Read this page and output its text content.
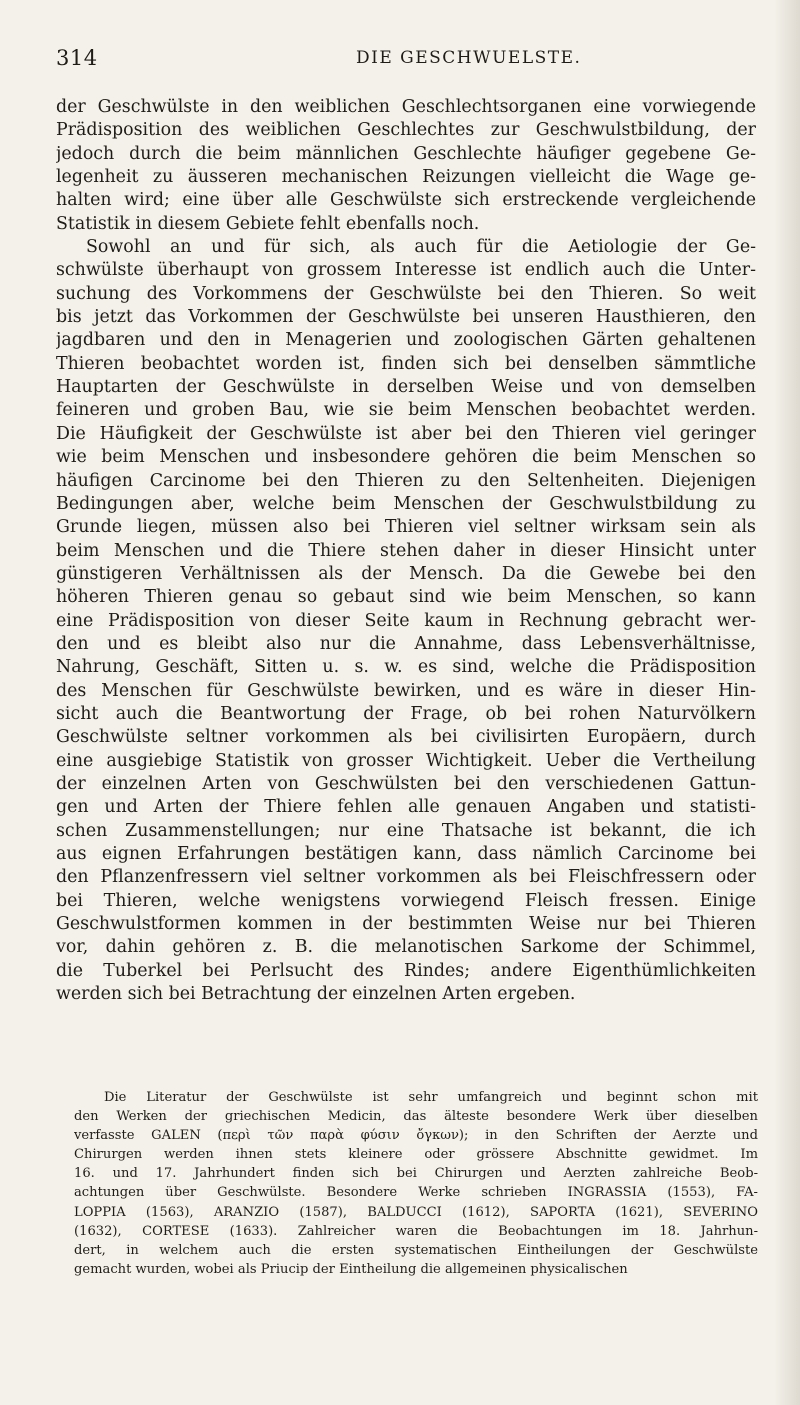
314	DIE GESCHWUELSTE.

der Geschwülste in den weiblichen Geschlechtsorganen eine vorwiegende
Prädisposition des weiblichen Geschlechtes zur Geschwulstbildung, der
jedoch durch die beim männlichen Geschlechte häufiger gegebene Ge-
legenheit zu äusseren mechanischen Reizungen vielleicht die Wage ge-
halten wird; eine über alle Geschwülste sich erstreckende vergleichende
Statistik in diesem Gebiete fehlt ebenfalls noch.

Sowohl an und für sich, als auch für die Aetiologie der Ge-
schwülste überhaupt von grossem Interesse ist endlich auch die Unter-
suchung des Vorkommens der Geschwülste bei den Thieren. So weit
bis jetzt das Vorkommen der Geschwülste bei unseren Hausthieren, den
jagdbaren und den in Menagerien und zoologischen Gärten gehaltenen
Thieren beobachtet worden ist, finden sich bei denselben sämmtliche
Hauptarten der Geschwülste in derselben Weise und von demselben
feineren und groben Bau, wie sie beim Menschen beobachtet werden.
Die Häufigkeit der Geschwülste ist aber bei den Thieren viel geringer
wie beim Menschen und insbesondere gehören die beim Menschen so
häufigen Carcinome bei den Thieren zu den Seltenheiten. Diejenigen
Bedingungen aber, welche beim Menschen der Geschwulstbildung zu
Grunde liegen, müssen also bei Thieren viel seltner wirksam sein als
beim Menschen und die Thiere stehen daher in dieser Hinsicht unter
günstigeren Verhältnissen als der Mensch. Da die Gewebe bei den
höheren Thieren genau so gebaut sind wie beim Menschen, so kann
eine Prädisposition von dieser Seite kaum in Rechnung gebracht wer-
den und es bleibt also nur die Annahme, dass Lebensverhältnisse,
Nahrung, Geschäft, Sitten u. s. w. es sind, welche die Prädisposition
des Menschen für Geschwülste bewirken, und es wäre in dieser Hin-
sicht auch die Beantwortung der Frage, ob bei rohen Naturvölkern
Geschwülste seltner vorkommen als bei civilisirten Europäern, durch
eine ausgiebige Statistik von grosser Wichtigkeit. Ueber die Vertheilung
der einzelnen Arten von Geschwülsten bei den verschiedenen Gattun-
gen und Arten der Thiere fehlen alle genauen Angaben und statisti-
schen Zusammenstellungen; nur eine Thatsache ist bekannt, die ich
aus eignen Erfahrungen bestätigen kann, dass nämlich Carcinome bei
den Pflanzenfressern viel seltner vorkommen als bei Fleischfressern oder
bei Thieren, welche wenigstens vorwiegend Fleisch fressen. Einige
Geschwulstformen kommen in der bestimmten Weise nur bei Thieren
vor, dahin gehören z. B. die melanotischen Sarkome der Schimmel,
die Tuberkel bei Perlsucht des Rindes; andere Eigenthümlichkeiten
werden sich bei Betrachtung der einzelnen Arten ergeben.

Die Literatur der Geschwülste ist sehr umfangreich und beginnt schon mit
den Werken der griechischen Medicin, das älteste besondere Werk über dieselben
verfasste GALEN (περὶ τῶν παρὰ φύσιν ὄγκων); in den Schriften der Aerzte und
Chirurgen werden ihnen stets kleinere oder grössere Abschnitte gewidmet. Im
16. und 17. Jahrhundert finden sich bei Chirurgen und Aerzten zahlreiche Beob-
achtungen über Geschwülste. Besondere Werke schrieben INGRASSIA (1553), FA-
LOPPIA (1563), ARANZIO (1587), BALDUCCI (1612), SAPORTA (1621), SEVERINO
(1632), CORTESE (1633). Zahlreicher waren die Beobachtungen im 18. Jahrhun-
dert, in welchem auch die ersten systematischen Eintheilungen der Geschwülste
gemacht wurden, wobei als Priucip der Eintheilung die allgemeinen physicalischen
